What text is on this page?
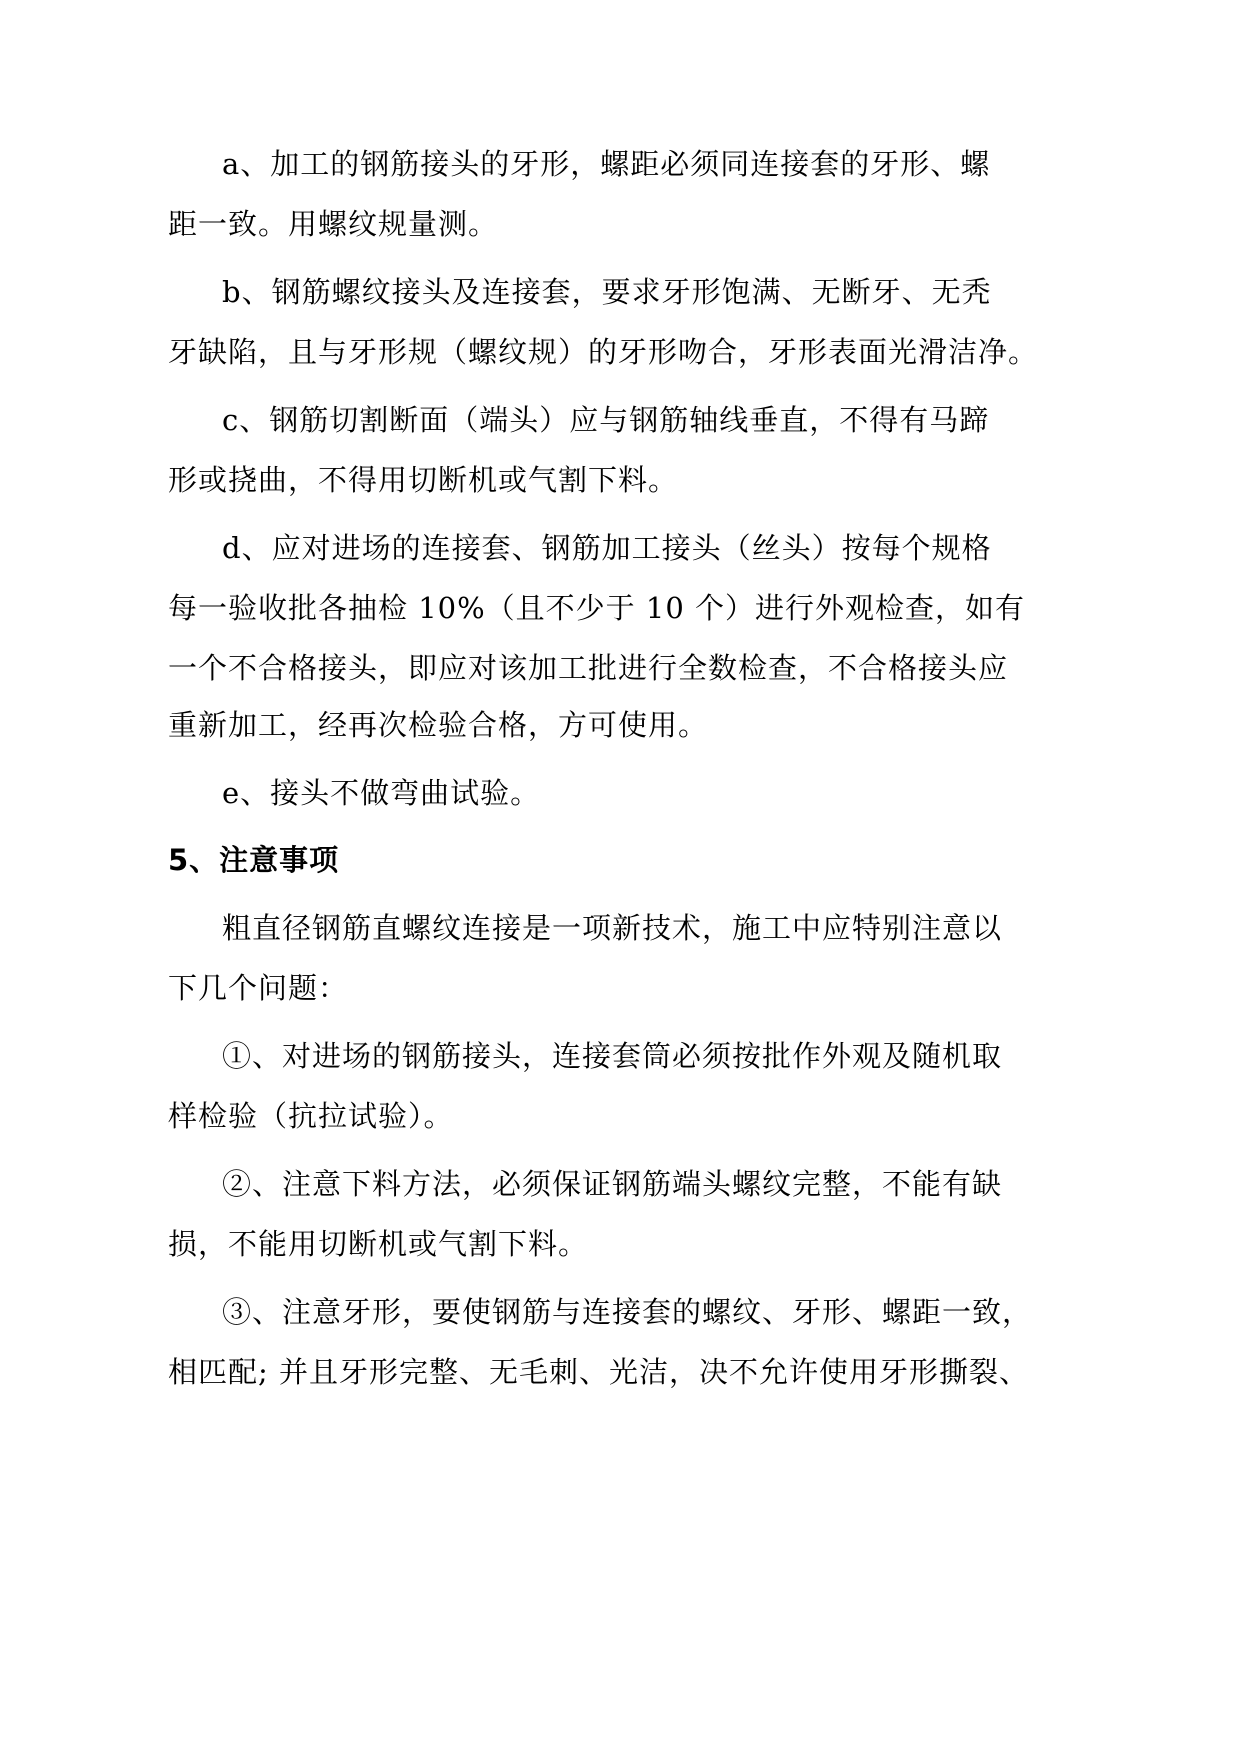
a、加工的钢筋接头的牙形，螺距必须同连接套的牙形、螺
距一致。用螺纹规量测。
b、钢筋螺纹接头及连接套，要求牙形饱满、无断牙、无秃
牙缺陷，且与牙形规（螺纹规）的牙形吻合，牙形表面光滑洁净。
c、钢筋切割断面（端头）应与钢筋轴线垂直，不得有马蹄
形或挠曲，不得用切断机或气割下料。
d、应对进场的连接套、钢筋加工接头（丝头）按每个规格
每一验收批各抽检 10%（且不少于 10 个）进行外观检查，如有
一个不合格接头，即应对该加工批进行全数检查，不合格接头应
重新加工，经再次检验合格，方可使用。
e、接头不做弯曲试验。
5、注意事项
粗直径钢筋直螺纹连接是一项新技术，施工中应特别注意以
下几个问题：
①、对进场的钢筋接头，连接套筒必须按批作外观及随机取
样检验（抗拉试验）。
②、注意下料方法，必须保证钢筋端头螺纹完整，不能有缺
损，不能用切断机或气割下料。
③、注意牙形，要使钢筋与连接套的螺纹、牙形、螺距一致，
相匹配; 并且牙形完整、无毛刺、光洁，决不允许使用牙形撕裂、
